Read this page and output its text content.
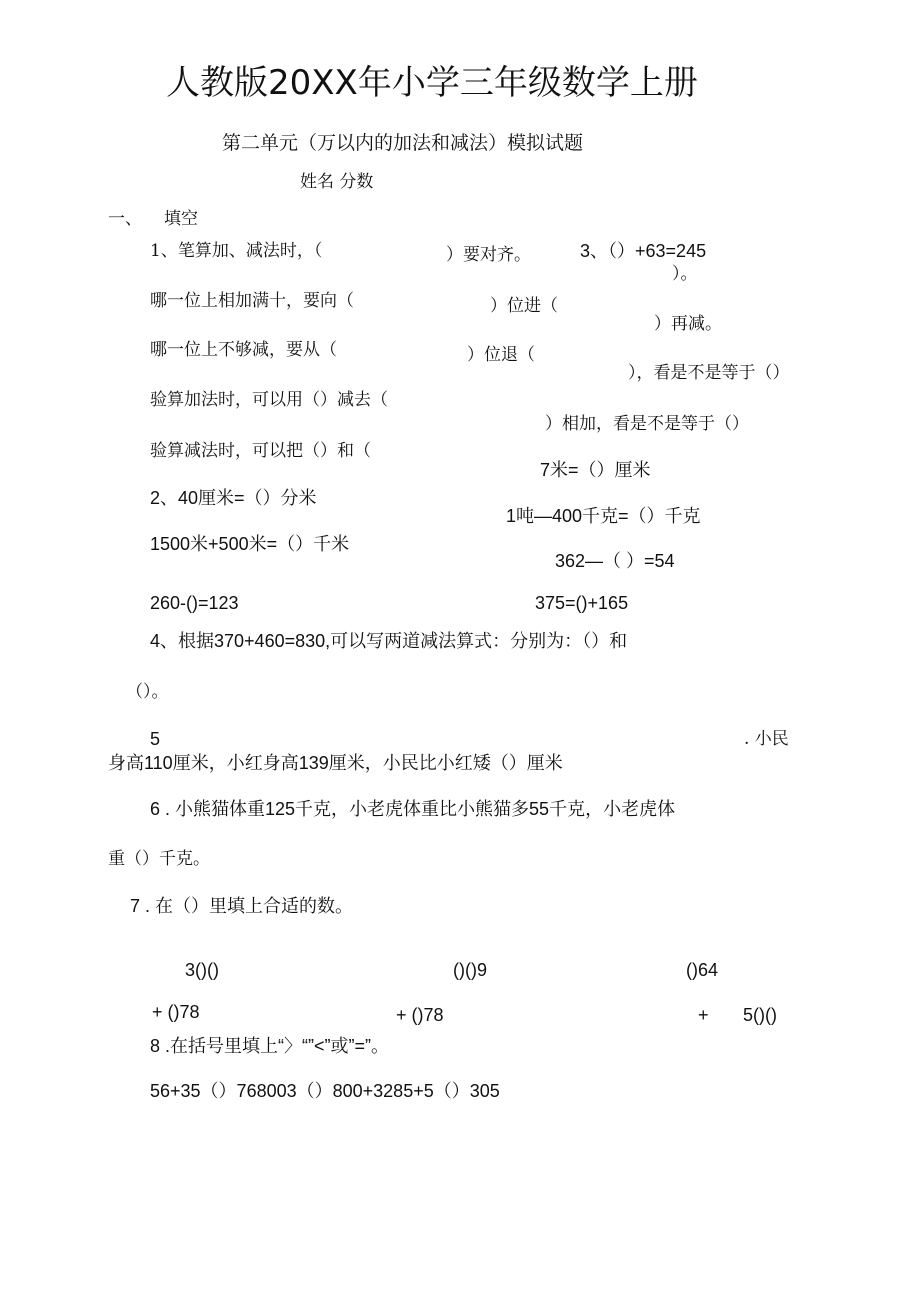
人教版20XX年小学三年级数学上册
第二单元（万以内的加法和减法）模拟试题
姓名 分数
一、 填空
1、笔算加、减法时，（	）要对齐。	3、（）+63=245
）。
哪一位上相加满十，要向（	）位进（
）再减。
哪一位上不够减，要从（	）位退（
），看是不是等于（）
验算加法时，可以用（）减去（
）相加，看是不是等于（）
验算减法时，可以把（）和（
7米=（）厘米
2、40厘米=（）分米
1吨—400千克=（）千克
1500米+500米=（）千米
362—（ ）=54
260-()=123	375=()+165
4、根据370+460=830,可以写两道减法算式：分别为：（）和
（）。
5	. 小民
身高110厘米，小红身高139厘米，小民比小红矮（）厘米
6 . 小熊猫体重125千克，小老虎体重比小熊猫多55千克，小老虎体
重（）千克。
7 . 在（）里填上合适的数。
3()()	()()9	()64
+ ()78	+ ()78	+ 5()()
8 .在括号里填上“〉“”<”或”=”。
56+35（）768003（）800+3285+5（）305
